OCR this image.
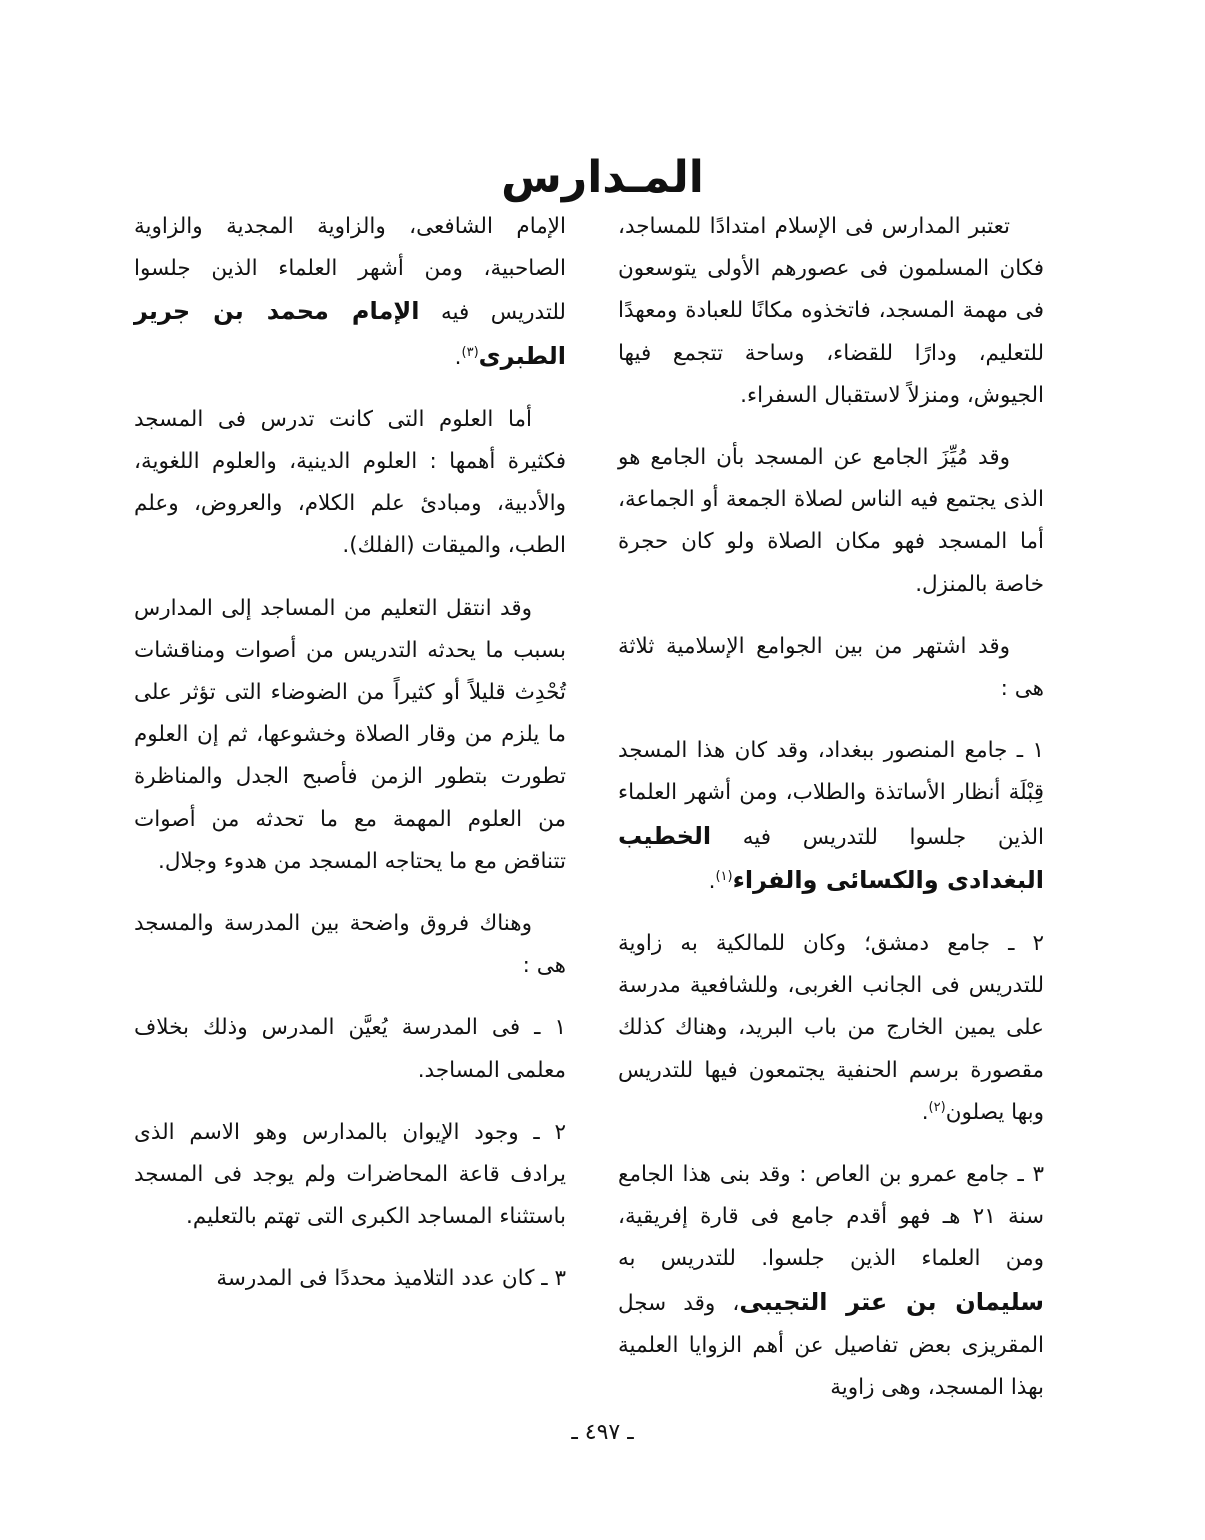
المـدارس

تعتبر المدارس فى الإسلام امتدادًا للمساجد، فكان المسلمون فى عصورهم الأولى يتوسعون فى مهمة المسجد، فاتخذوه مكانًا للعبادة ومعهدًا للتعليم، ودارًا للقضاء، وساحة تتجمع فيها الجيوش، ومنزلاً لاستقبال السفراء.

وقد مُيِّزَ الجامع عن المسجد بأن الجامع هو الذى يجتمع فيه الناس لصلاة الجمعة أو الجماعة، أما المسجد فهو مكان الصلاة ولو كان حجرة خاصة بالمنزل.

وقد اشتهر من بين الجوامع الإسلامية ثلاثة هى :

١ ـ جامع المنصور ببغداد، وقد كان هذا المسجد قِبْلَة أنظار الأساتذة والطلاب، ومن أشهر العلماء الذين جلسوا للتدريس فيه الخطيب البغدادى والكسائى والفراء$^{(١)}$.

٢ ـ جامع دمشق؛ وكان للمالكية به زاوية للتدريس فى الجانب الغربى، وللشافعية مدرسة على يمين الخارج من باب البريد، وهناك كذلك مقصورة برسم الحنفية يجتمعون فيها للتدريس وبها يصلون$^{(٢)}$.

٣ ـ جامع عمرو بن العاص : وقد بنى هذا الجامع سنة ٢١ هـ فهو أقدم جامع فى قارة إفريقية، ومن العلماء الذين جلسوا. للتدريس به سليمان بن عتر التجيبى، وقد سجل المقريزى بعض تفاصيل عن أهم الزوايا العلمية بهذا المسجد، وهى زاوية

الإمام الشافعى، والزاوية المجدية والزاوية الصاحبية، ومن أشهر العلماء الذين جلسوا للتدريس فيه الإمام محمد بن جرير الطبرى$^{(٣)}$.

أما العلوم التى كانت تدرس فى المسجد فكثيرة أهمها : العلوم الدينية، والعلوم اللغوية، والأدبية، ومبادئ علم الكلام، والعروض، وعلم الطب، والميقات (الفلك).

وقد انتقل التعليم من المساجد إلى المدارس بسبب ما يحدثه التدريس من أصوات ومناقشات تُحْدِث قليلاً أو كثيراً من الضوضاء التى تؤثر على ما يلزم من وقار الصلاة وخشوعها، ثم إن العلوم تطورت بتطور الزمن فأصبح الجدل والمناظرة من العلوم المهمة مع ما تحدثه من أصوات تتناقض مع ما يحتاجه المسجد من هدوء وجلال.

وهناك فروق واضحة بين المدرسة والمسجد هى :

١ ـ فى المدرسة يُعيَّن المدرس وذلك بخلاف معلمى المساجد.

٢ ـ وجود الإيوان بالمدارس وهو الاسم الذى يرادف قاعة المحاضرات ولم يوجد فى المسجد باستثناء المساجد الكبرى التى تهتم بالتعليم.

٣ ـ كان عدد التلاميذ محددًا فى المدرسة

ـ ٤٩٧ ـ
